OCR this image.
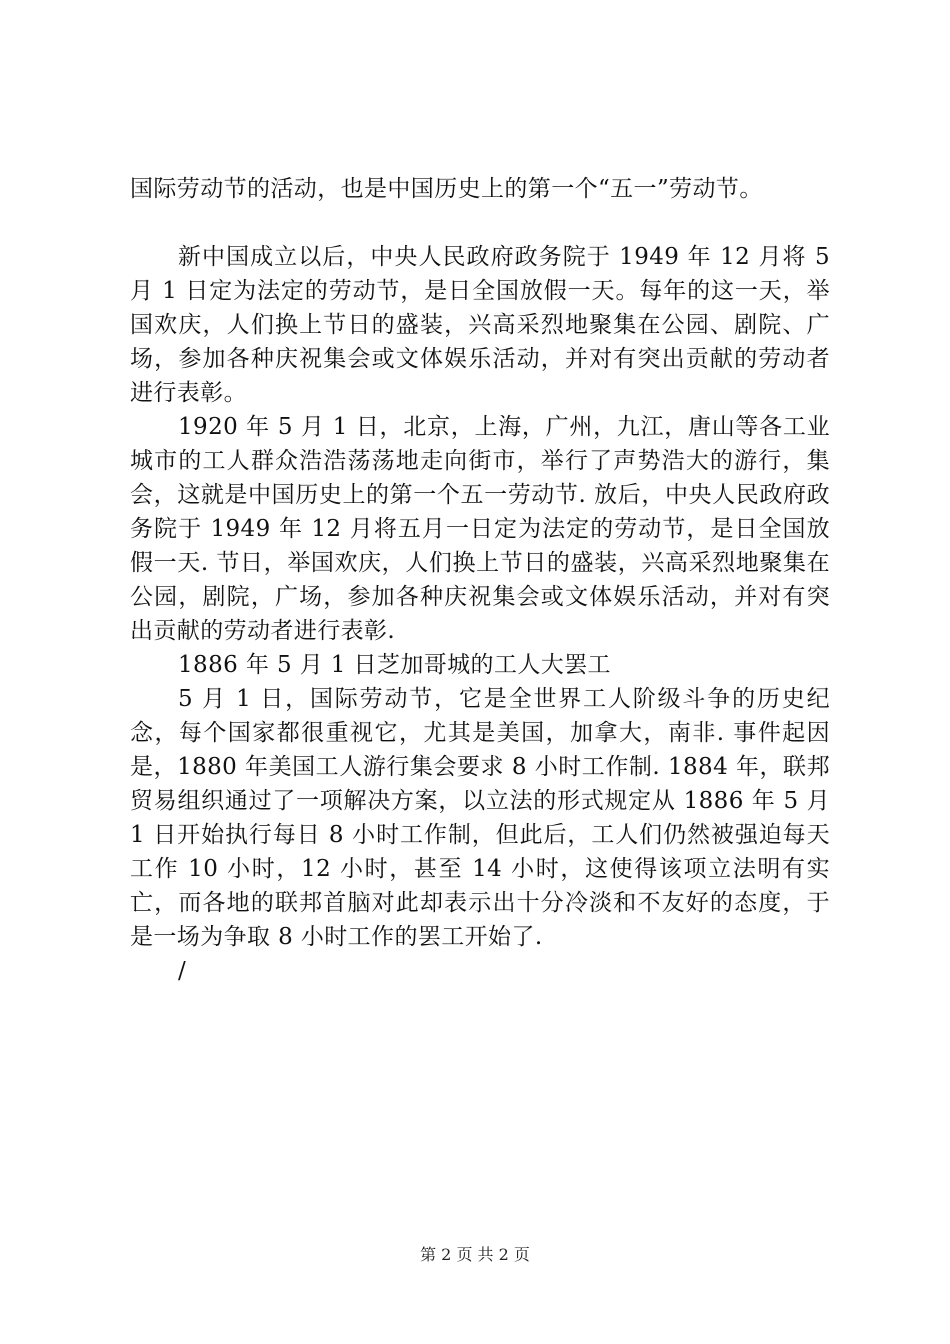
国际劳动节的活动，也是中国历史上的第一个“五一”劳动节。

新中国成立以后，中央人民政府政务院于 1949 年 12 月将 5 月 1 日定为法定的劳动节，是日全国放假一天。每年的这一天，举国欢庆，人们换上节日的盛装，兴高采烈地聚集在公园、剧院、广场，参加各种庆祝集会或文体娱乐活动，并对有突出贡献的劳动者进行表彰。

1920 年 5 月 1 日，北京，上海，广州，九江，唐山等各工业城市的工人群众浩浩荡荡地走向街市，举行了声势浩大的游行，集会，这就是中国历史上的第一个五一劳动节. 放后，中央人民政府政务院于 1949 年 12 月将五月一日定为法定的劳动节，是日全国放假一天. 节日，举国欢庆，人们换上节日的盛装，兴高采烈地聚集在公园，剧院，广场，参加各种庆祝集会或文体娱乐活动，并对有突出贡献的劳动者进行表彰.

1886 年 5 月 1 日芝加哥城的工人大罢工

5 月 1 日，国际劳动节，它是全世界工人阶级斗争的历史纪念，每个国家都很重视它，尤其是美国，加拿大，南非. 事件起因是，1880 年美国工人游行集会要求 8 小时工作制. 1884 年，联邦贸易组织通过了一项解决方案，以立法的形式规定从 1886 年 5 月 1 日开始执行每日 8 小时工作制，但此后，工人们仍然被强迫每天工作 10 小时，12 小时，甚至 14 小时，这使得该项立法明有实亡，而各地的联邦首脑对此却表示出十分冷淡和不友好的态度，于是一场为争取 8 小时工作的罢工开始了.

/

第 2 页 共 2 页
